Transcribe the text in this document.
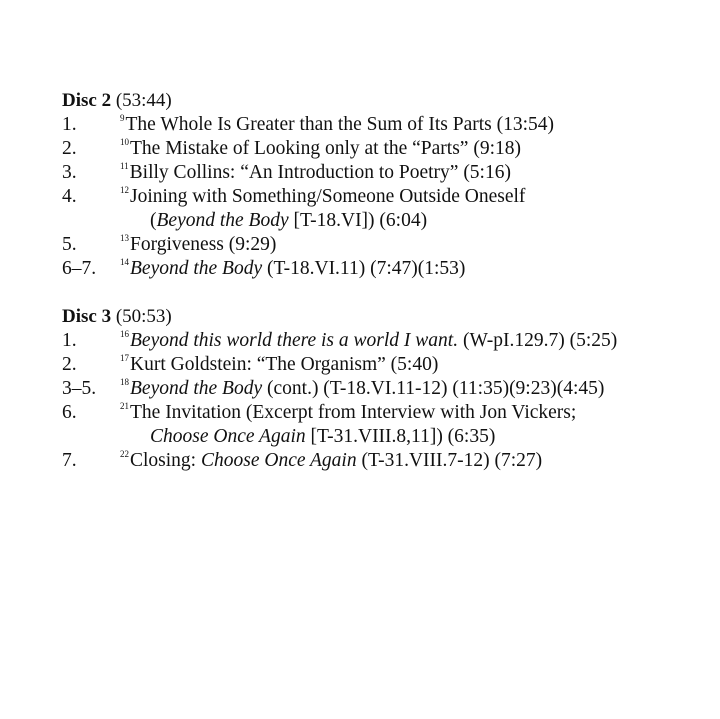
Disc 2 (53:44)
1.	$^9$The Whole Is Greater than the Sum of Its Parts (13:54)
2.	$^{10}$The Mistake of Looking only at the “Parts” (9:18)
3.	$^{11}$Billy Collins: “An Introduction to Poetry” (5:16)
4.	$^{12}$Joining with Something/Someone Outside Oneself
(Beyond the Body [T-18.VI]) (6:04)
5.	$^{13}$Forgiveness (9:29)
6–7.	$^{14}$Beyond the Body (T-18.VI.11) (7:47)(1:53)
Disc 3 (50:53)
1.	$^{16}$Beyond this world there is a world I want. (W-pI.129.7) (5:25)
2.	$^{17}$Kurt Goldstein: “The Organism” (5:40)
3–5.	$^{18}$Beyond the Body (cont.) (T-18.VI.11-12) (11:35)(9:23)(4:45)
6.	$^{21}$The Invitation (Excerpt from Interview with Jon Vickers;
Choose Once Again [T-31.VIII.8,11]) (6:35)
7.	$^{22}$Closing: Choose Once Again (T-31.VIII.7-12) (7:27)
